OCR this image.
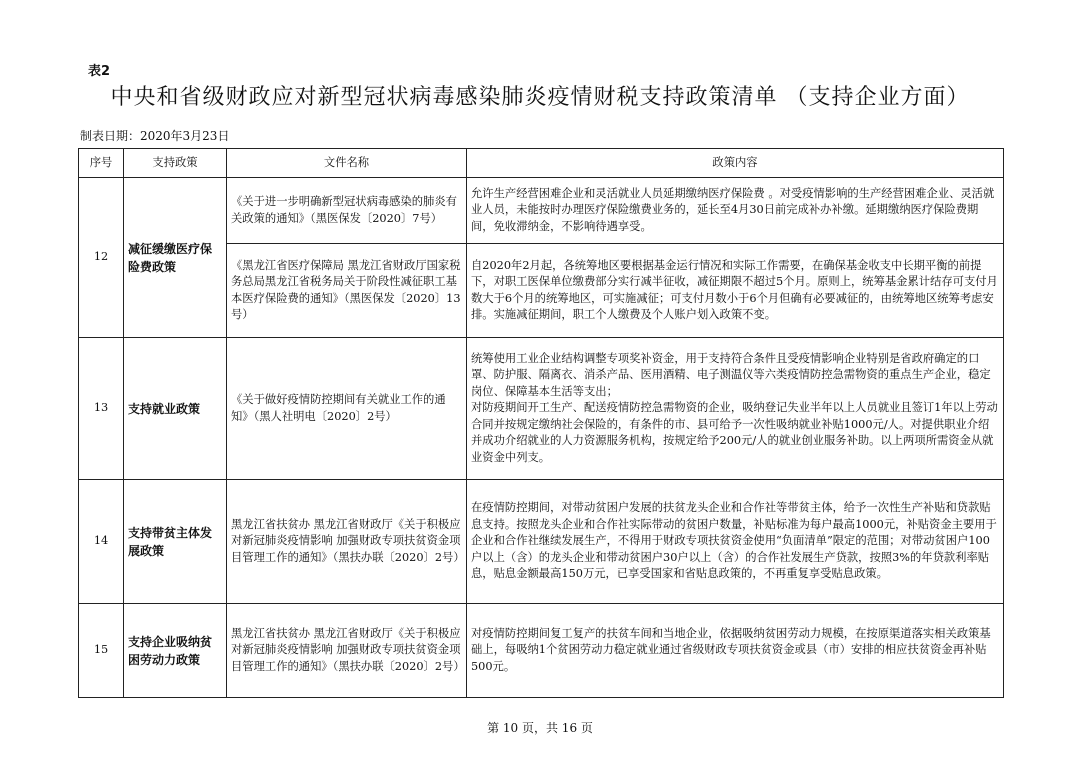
表2
中央和省级财政应对新型冠状病毒感染肺炎疫情财税支持政策清单 （支持企业方面）
制表日期：2020年3月23日
序号	支持政策	文件名称	政策内容
12	减征缓缴医疗保险费政策	《关于进一步明确新型冠状病毒感染的肺炎有关政策的通知》（黑医保发〔2020〕7号）	允许生产经营困难企业和灵活就业人员延期缴纳医疗保险费 。对受疫情影响的生产经营困难企业、灵活就业人员，未能按时办理医疗保险缴费业务的，延长至4月30日前完成补办补缴。延期缴纳医疗保险费期间，免收滞纳金，不影响待遇享受。
		《黑龙江省医疗保障局 黑龙江省财政厅国家税务总局黑龙江省税务局关于阶段性减征职工基本医疗保险费的通知》（黑医保发〔2020〕13号）	自2020年2月起，各统筹地区要根据基金运行情况和实际工作需要，在确保基金收支中长期平衡的前提下，对职工医保单位缴费部分实行减半征收，减征期限不超过5个月。原则上，统筹基金累计结存可支付月数大于6个月的统筹地区，可实施减征；可支付月数小于6个月但确有必要减征的，由统筹地区统筹考虑安排。实施减征期间，职工个人缴费及个人账户划入政策不变。
13	支持就业政策	《关于做好疫情防控期间有关就业工作的通知》（黑人社明电〔2020〕2号）	统筹使用工业企业结构调整专项奖补资金，用于支持符合条件且受疫情影响企业特别是省政府确定的口罩、防护服、隔离衣、消杀产品、医用酒精、电子测温仪等六类疫情防控急需物资的重点生产企业，稳定岗位、保障基本生活等支出；
对防疫期间开工生产、配送疫情防控急需物资的企业，吸纳登记失业半年以上人员就业且签订1年以上劳动合同并按规定缴纳社会保险的，有条件的市、县可给予一次性吸纳就业补贴1000元/人。对提供职业介绍并成功介绍就业的人力资源服务机构，按规定给予200元/人的就业创业服务补助。以上两项所需资金从就业资金中列支。
14	支持带贫主体发展政策	黑龙江省扶贫办 黑龙江省财政厅《关于积极应对新冠肺炎疫情影响 加强财政专项扶贫资金项目管理工作的通知》（黑扶办联〔2020〕2号）	在疫情防控期间，对带动贫困户发展的扶贫龙头企业和合作社等带贫主体，给予一次性生产补贴和贷款贴息支持。按照龙头企业和合作社实际带动的贫困户数量，补贴标准为每户最高1000元，补贴资金主要用于企业和合作社继续发展生产，不得用于财政专项扶贫资金使用“负面清单”限定的范围；对带动贫困户100户以上（含）的龙头企业和带动贫困户30户以上（含）的合作社发展生产贷款，按照3%的年贷款利率贴息，贴息金额最高150万元，已享受国家和省贴息政策的，不再重复享受贴息政策。
15	支持企业吸纳贫困劳动力政策	黑龙江省扶贫办 黑龙江省财政厅《关于积极应对新冠肺炎疫情影响 加强财政专项扶贫资金项目管理工作的通知》（黑扶办联〔2020〕2号）	对疫情防控期间复工复产的扶贫车间和当地企业，依据吸纳贫困劳动力规模，在按原渠道落实相关政策基础上，每吸纳1个贫困劳动力稳定就业通过省级财政专项扶贫资金或县（市）安排的相应扶贫资金再补贴500元。
第 10 页，共 16 页
